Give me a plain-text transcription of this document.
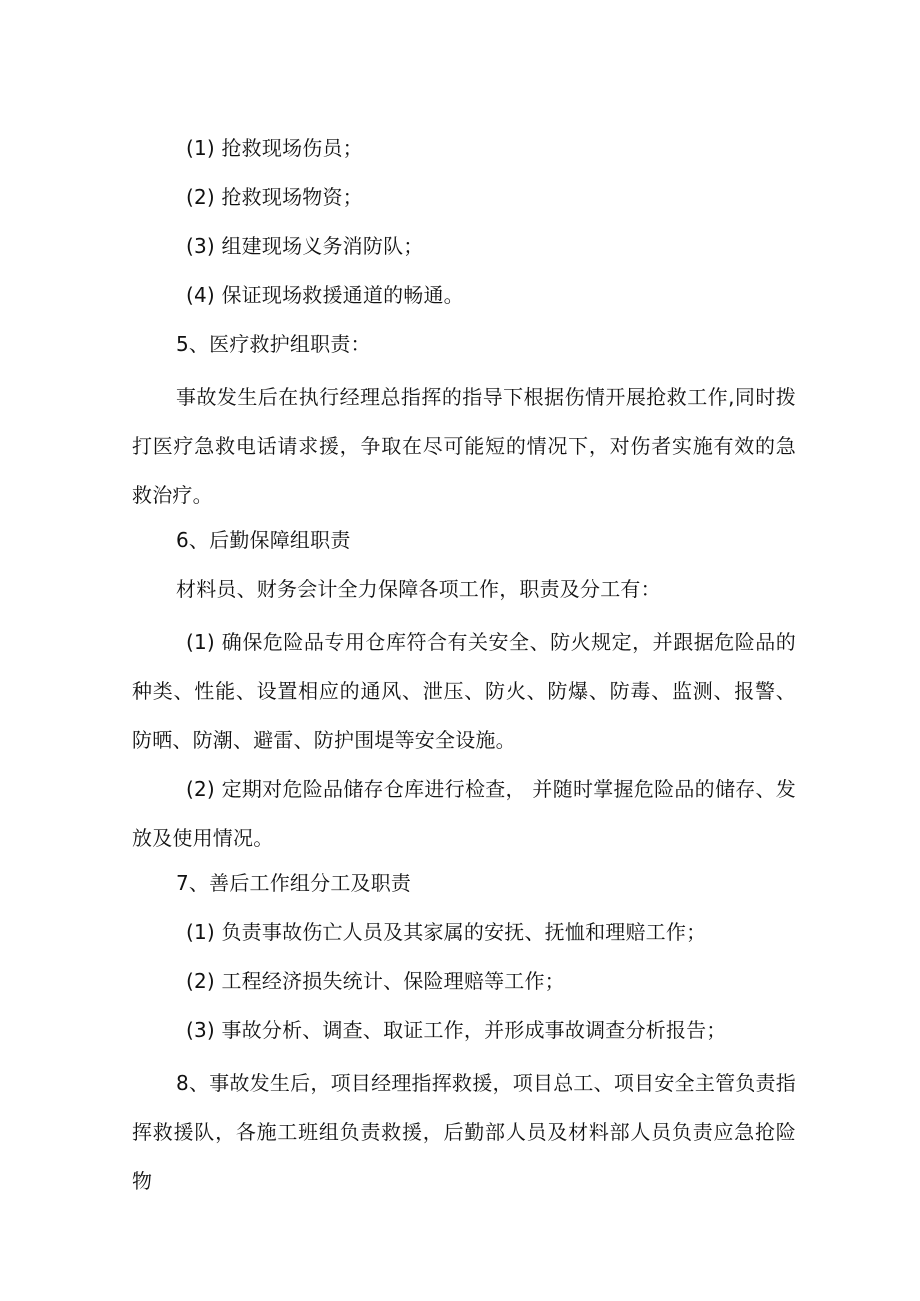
(1) 抢救现场伤员；
(2) 抢救现场物资；
(3) 组建现场义务消防队；
(4) 保证现场救援通道的畅通。
5、医疗救护组职责：
事故发生后在执行经理总指挥的指导下根据伤情开展抢救工作,同时拨打医疗急救电话请求援，争取在尽可能短的情况下，对伤者实施有效的急救治疗。
6、后勤保障组职责
材料员、财务会计全力保障各项工作，职责及分工有：
(1) 确保危险品专用仓库符合有关安全、防火规定，并跟据危险品的种类、性能、设置相应的通风、泄压、防火、防爆、防毒、监测、报警、防晒、防潮、避雷、防护围堤等安全设施。
(2) 定期对危险品储存仓库进行检查， 并随时掌握危险品的储存、发放及使用情况。
7、善后工作组分工及职责
(1) 负责事故伤亡人员及其家属的安抚、抚恤和理赔工作；
(2) 工程经济损失统计、保险理赔等工作；
(3) 事故分析、调查、取证工作，并形成事故调查分析报告；
8、事故发生后，项目经理指挥救援，项目总工、项目安全主管负责指挥救援队，各施工班组负责救援，后勤部人员及材料部人员负责应急抢险物
